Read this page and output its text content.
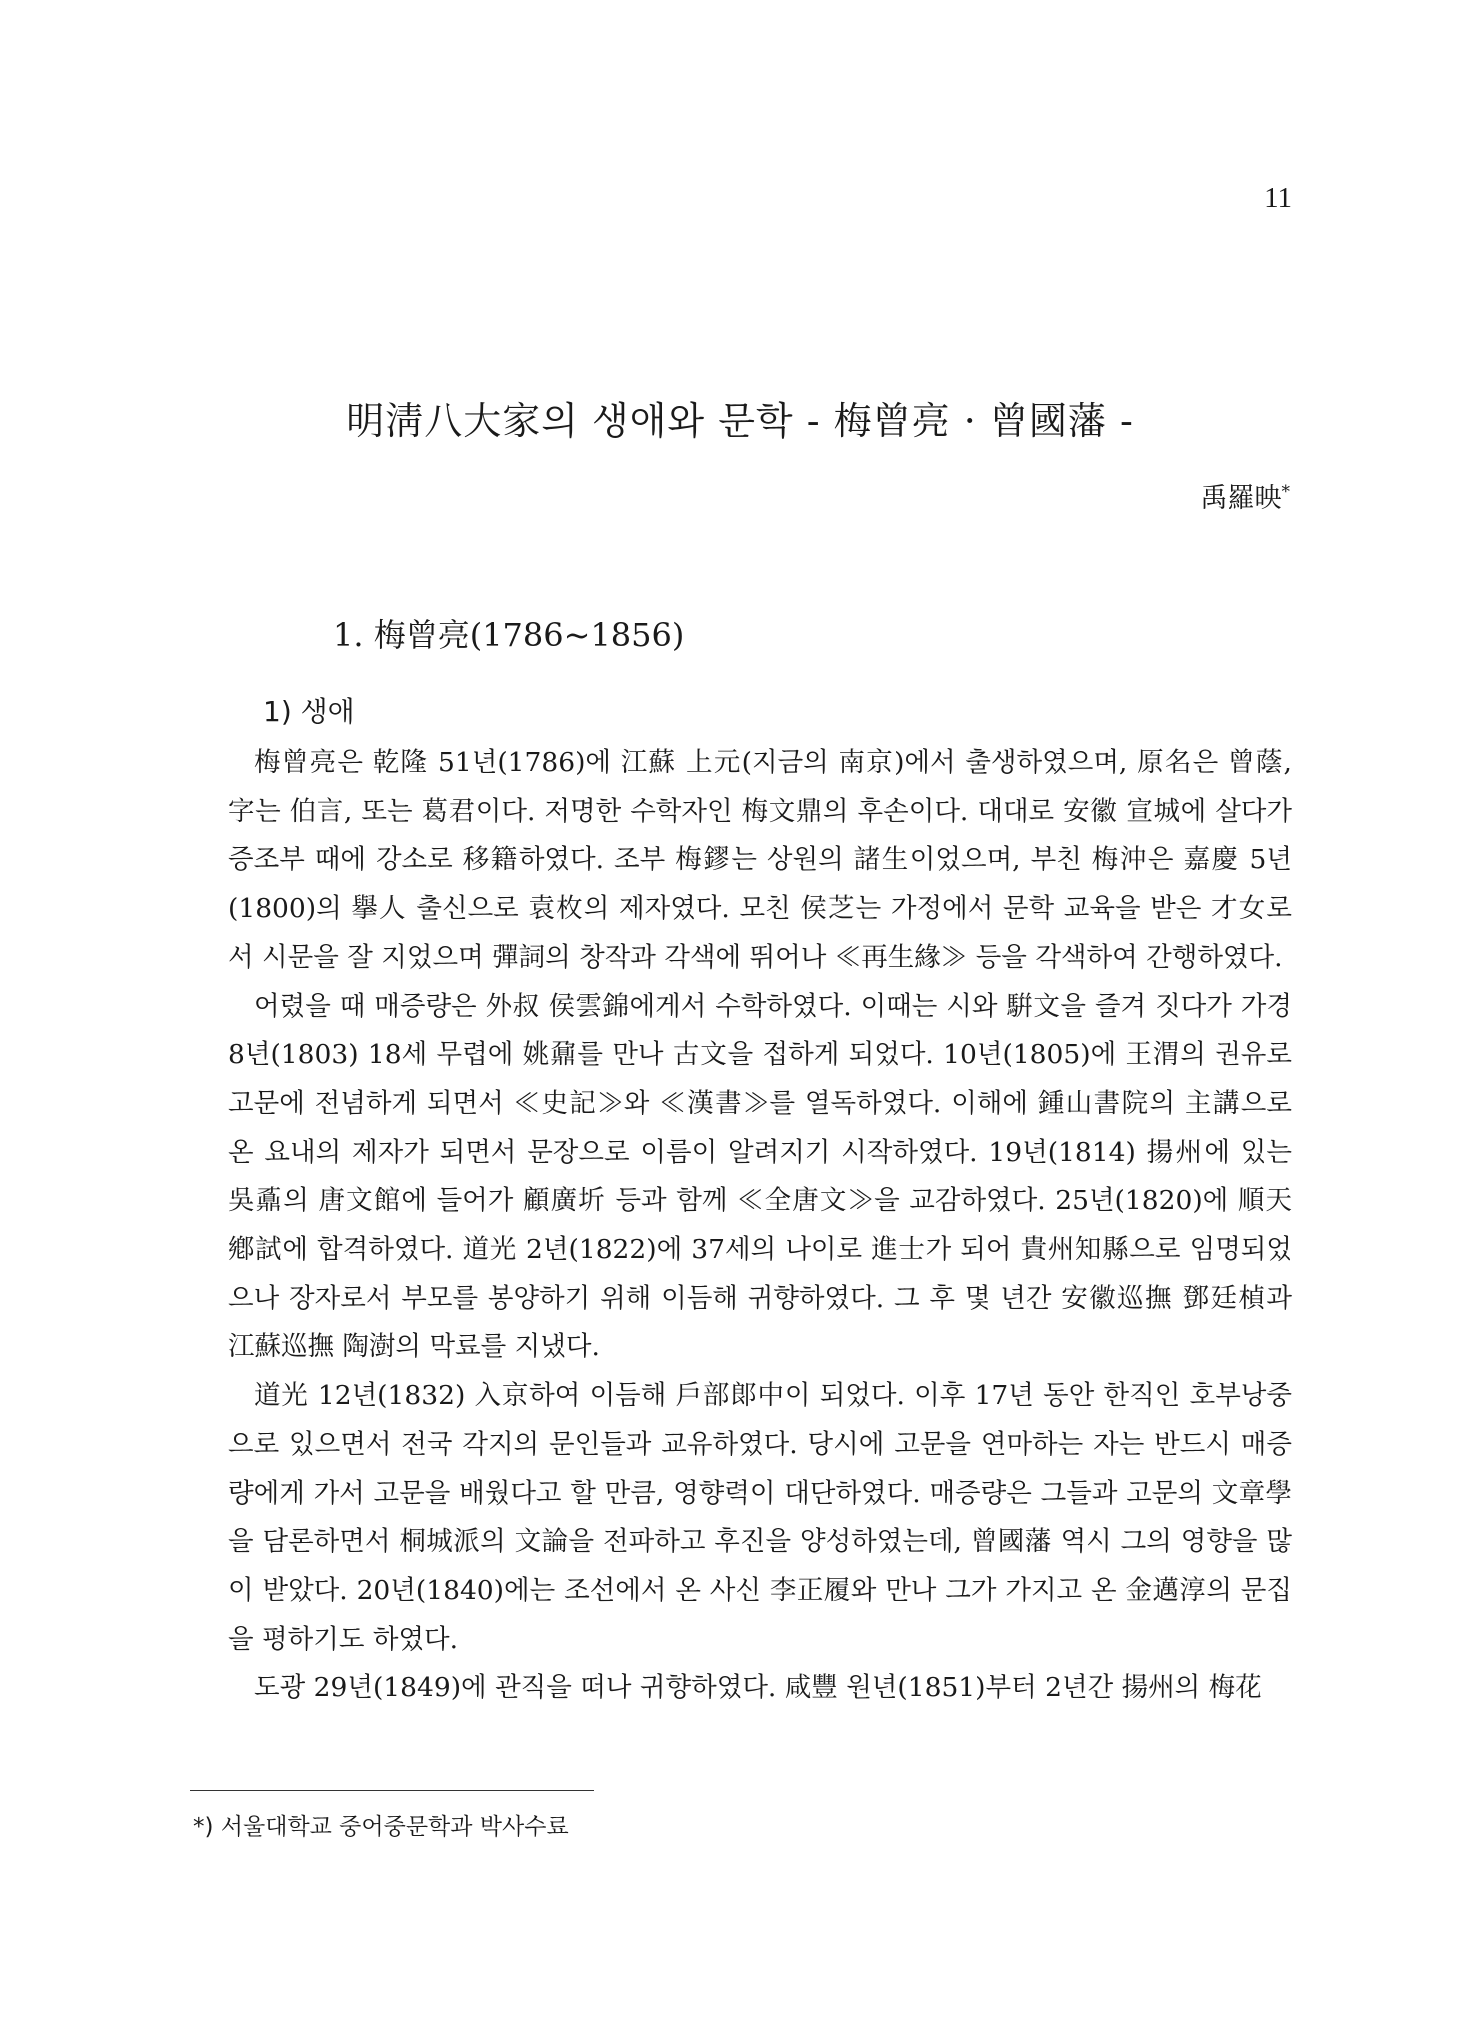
11
明淸八大家의 생애와 문학 - 梅曾亮 · 曾國藩 -
禹羅映*
1. 梅曾亮(1786~1856)
1) 생애

梅曾亮은 乾隆 51년(1786)에 江蘇 上元(지금의 南京)에서 출생하였으며, 原名은 曾蔭, 字는 伯言, 또는 葛君이다. 저명한 수학자인 梅文鼎의 후손이다. 대대로 安徽 宣城에 살다가 증조부 때에 강소로 移籍하였다. 조부 梅鏐는 상원의 諸生이었으며, 부친 梅沖은 嘉慶 5년(1800)의 擧人 출신으로 袁枚의 제자였다. 모친 侯芝는 가정에서 문학 교육을 받은 才女로서 시문을 잘 지었으며 彈詞의 창작과 각색에 뛰어나 ≪再生緣≫ 등을 각색하여 간행하였다.

어렸을 때 매증량은 外叔 侯雲錦에게서 수학하였다. 이때는 시와 騈文을 즐겨 짓다가 가경 8년(1803) 18세 무렵에 姚鼐를 만나 古文을 접하게 되었다. 10년(1805)에 王渭의 권유로 고문에 전념하게 되면서 ≪史記≫와 ≪漢書≫를 열독하였다. 이해에 鍾山書院의 主講으로 온 요내의 제자가 되면서 문장으로 이름이 알려지기 시작하였다. 19년(1814) 揚州에 있는 吳鼒의 唐文館에 들어가 顧廣圻 등과 함께 ≪全唐文≫을 교감하였다. 25년(1820)에 順天鄕試에 합격하였다. 道光 2년(1822)에 37세의 나이로 進士가 되어 貴州知縣으로 임명되었으나 장자로서 부모를 봉양하기 위해 이듬해 귀향하였다. 그 후 몇 년간 安徽巡撫 鄧廷楨과 江蘇巡撫 陶澍의 막료를 지냈다.

道光 12년(1832) 入京하여 이듬해 戶部郞中이 되었다. 이후 17년 동안 한직인 호부낭중으로 있으면서 전국 각지의 문인들과 교유하였다. 당시에 고문을 연마하는 자는 반드시 매증량에게 가서 고문을 배웠다고 할 만큼, 영향력이 대단하였다. 매증량은 그들과 고문의 文章學을 담론하면서 桐城派의 文論을 전파하고 후진을 양성하였는데, 曾國藩 역시 그의 영향을 많이 받았다. 20년(1840)에는 조선에서 온 사신 李正履와 만나 그가 가지고 온 金邁淳의 문집을 평하기도 하였다.

도광 29년(1849)에 관직을 떠나 귀향하였다. 咸豐 원년(1851)부터 2년간 揚州의 梅花

*) 서울대학교 중어중문학과 박사수료
